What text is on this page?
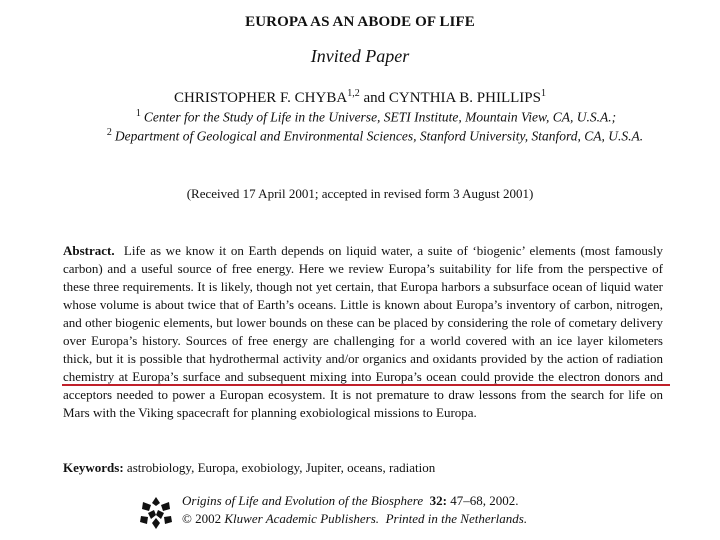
EUROPA AS AN ABODE OF LIFE
Invited Paper
CHRISTOPHER F. CHYBA$^{1,2}$ and CYNTHIA B. PHILLIPS$^1$
$^1$ Center for the Study of Life in the Universe, SETI Institute, Mountain View, CA, U.S.A.;
$^2$ Department of Geological and Environmental Sciences, Stanford University, Stanford, CA, U.S.A.
(Received 17 April 2001; accepted in revised form 3 August 2001)
Abstract. Life as we know it on Earth depends on liquid water, a suite of ‘biogenic’ elements (most famously carbon) and a useful source of free energy. Here we review Europa’s suitability for life from the perspective of these three requirements. It is likely, though not yet certain, that Europa harbors a subsurface ocean of liquid water whose volume is about twice that of Earth’s oceans. Little is known about Europa’s inventory of carbon, nitrogen, and other biogenic elements, but lower bounds on these can be placed by considering the role of cometary delivery over Europa’s history. Sources of free energy are challenging for a world covered with an ice layer kilometers thick, but it is possible that hydrothermal activity and/or organics and oxidants provided by the action of radiation chemistry at Europa’s surface and subsequent mixing into Europa’s ocean could provide the electron donors and acceptors needed to power a Europan ecosystem. It is not premature to draw lessons from the search for life on Mars with the Viking spacecraft for planning exobiological missions to Europa.
Keywords: astrobiology, Europa, exobiology, Jupiter, oceans, radiation
Origins of Life and Evolution of the Biosphere 32: 47–68, 2002.
© 2002 Kluwer Academic Publishers. Printed in the Netherlands.
